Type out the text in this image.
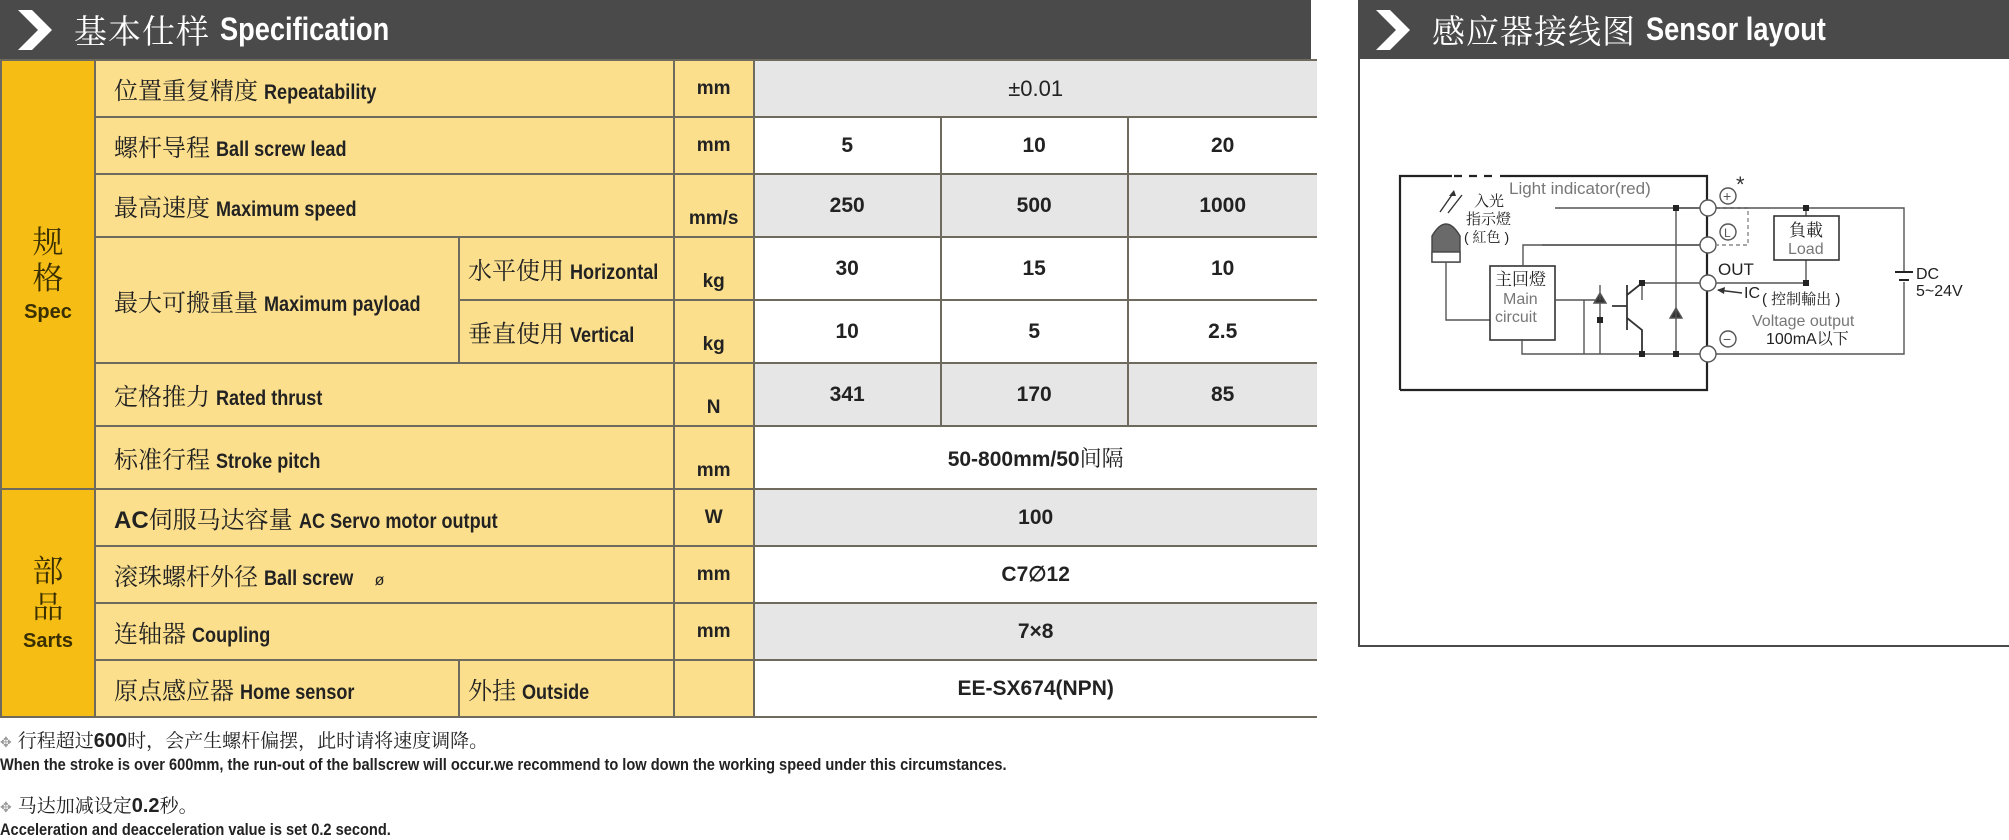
基本仕样 Specification	感应器接线图 Sensor layout
规
格
Spec	位置重复精度 Repeatability		mm	±0.01		
	螺杆导程 Ball screw lead		mm	5	10	20
	最高速度 Maximum speed		mm/s	250	500	1000
	最大可搬重量 Maximum payload	水平使用 Horizontal	kg	30	15	10
		垂直使用 Vertical	kg	10	5	2.5
	定格推力 Rated thrust		N	341	170	85
	标准行程 Stroke pitch		mm	50-800mm/50间隔		

部
品
Sarts	AC伺服马达容量 AC Servo motor output		W	100		
	滚珠螺杆外径 Ball screw ø		mm	C7∅12		
	连轴器 Coupling		mm	7×8		
	原点感应器 Home sensor	外挂 Outside		EE-SX674(NPN)		
✥ 行程超过600时，会产生螺杆偏摆，此时请将速度调降。
When the stroke is over 600mm, the run-out of the ballscrew will occur.we recommend to low down the working speed under this circumstances.
✥ 马达加减设定0.2秒。
Acceleration and deacceleration value is set 0.2 second.
Light indicator(red)	*
入光
指示燈
( 紅色 )
主回燈
Main
circuit
+
L
−
負載
Load
DC
5~24V
OUT
IC ( 控制輸出 )
Voltage output
100mA以下
